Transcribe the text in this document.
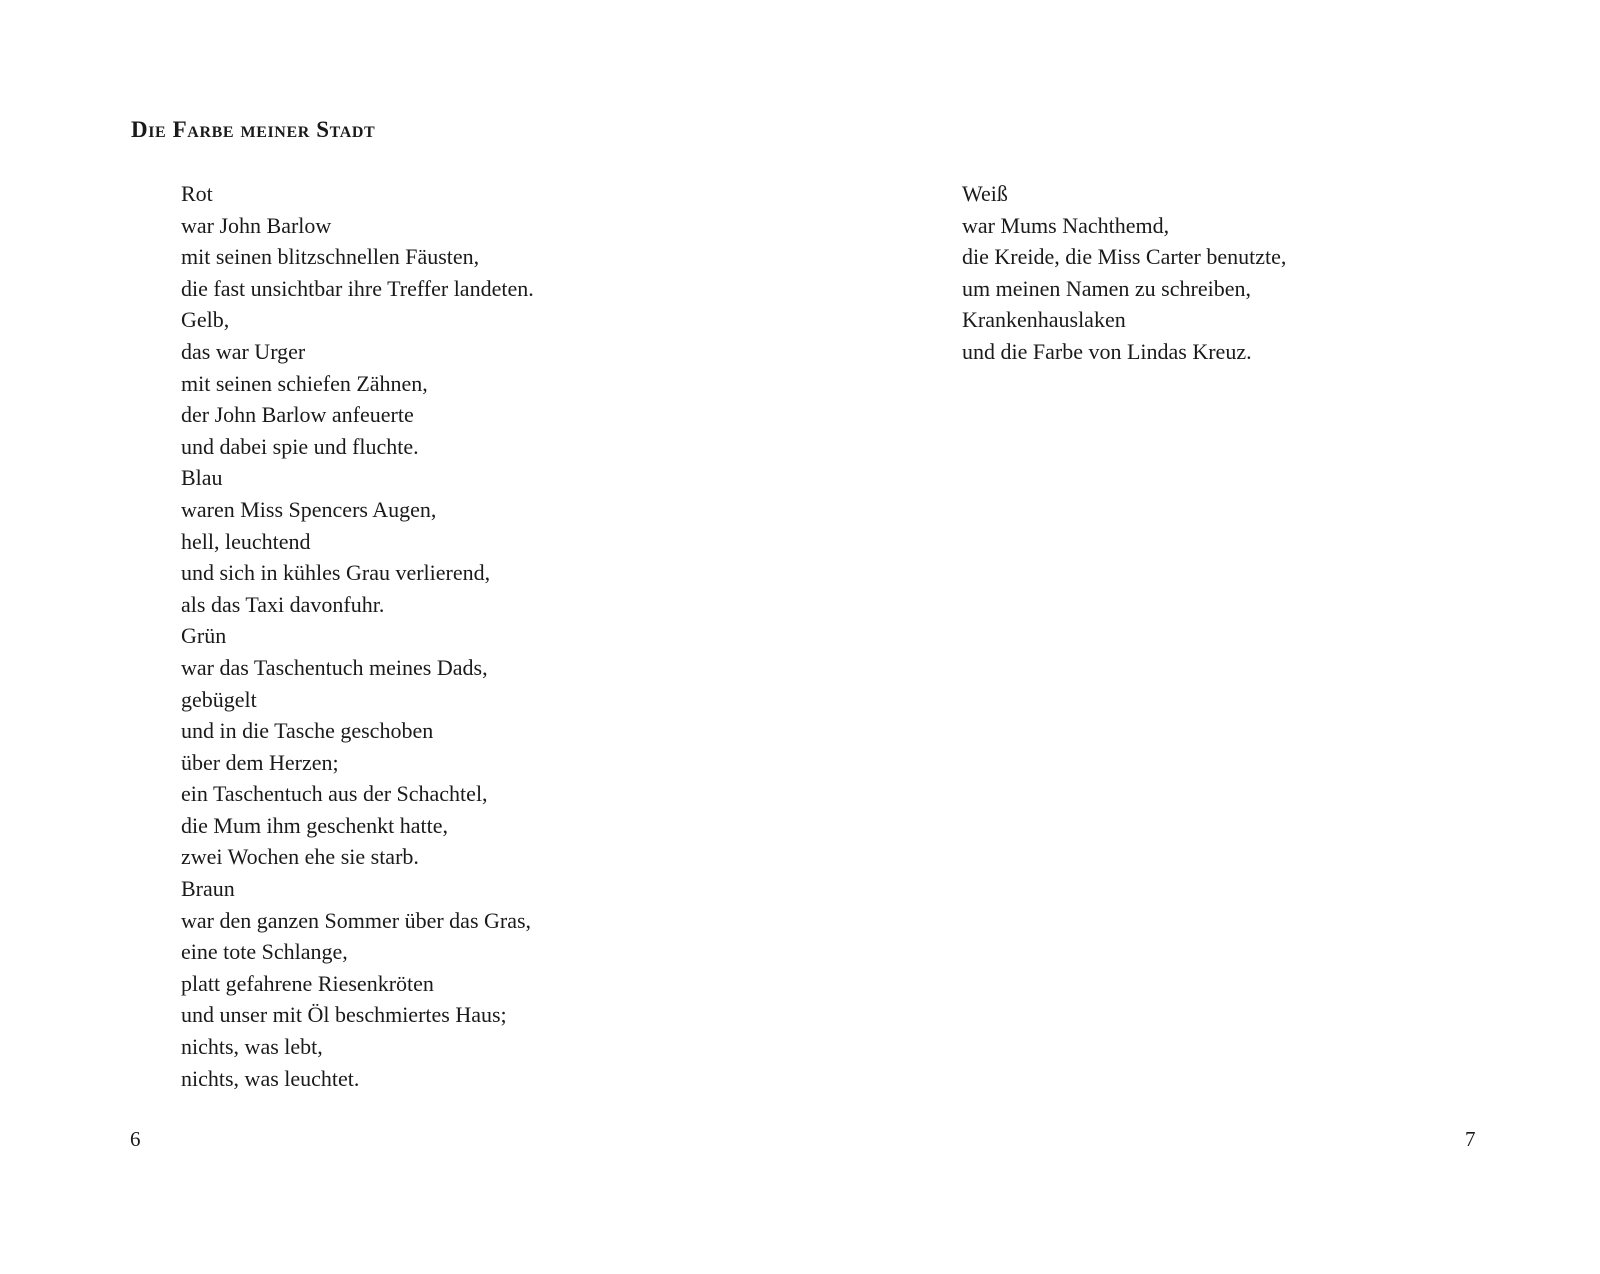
Die Farbe meiner Stadt
Rot
war John Barlow
mit seinen blitzschnellen Fäusten,
die fast unsichtbar ihre Treffer landeten.
Gelb,
das war Urger
mit seinen schiefen Zähnen,
der John Barlow anfeuerte
und dabei spie und fluchte.
Blau
waren Miss Spencers Augen,
hell, leuchtend
und sich in kühles Grau verlierend,
als das Taxi davonfuhr.
Grün
war das Taschentuch meines Dads,
gebügelt
und in die Tasche geschoben
über dem Herzen;
ein Taschentuch aus der Schachtel,
die Mum ihm geschenkt hatte,
zwei Wochen ehe sie starb.
Braun
war den ganzen Sommer über das Gras,
eine tote Schlange,
platt gefahrene Riesenkröten
und unser mit Öl beschmiertes Haus;
nichts, was lebt,
nichts, was leuchtet.
6
Weiß
war Mums Nachthemd,
die Kreide, die Miss Carter benutzte,
um meinen Namen zu schreiben,
Krankenhauslaken
und die Farbe von Lindas Kreuz.
7
